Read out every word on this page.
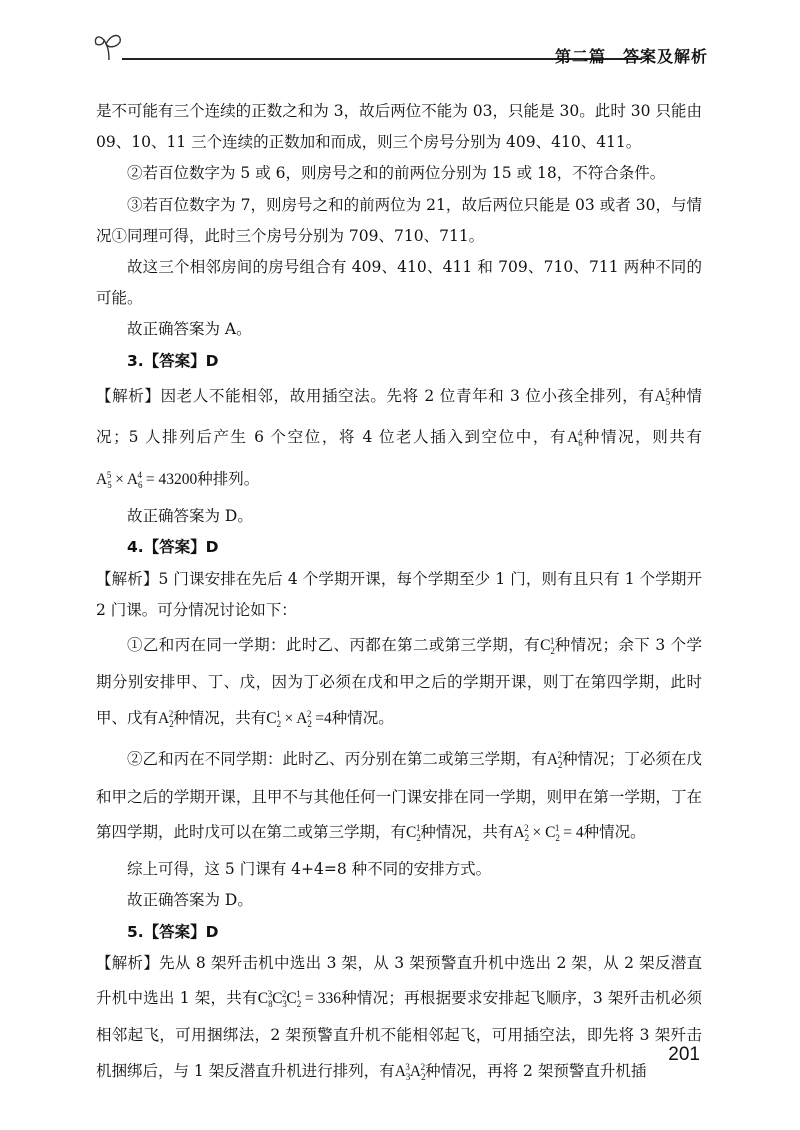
第二篇　答案及解析

是不可能有三个连续的正数之和为 3，故后两位不能为 03，只能是 30。此时 30 只能由 09、10、11 三个连续的正数加和而成，则三个房号分别为 409、410、411。

②若百位数字为 5 或 6，则房号之和的前两位分别为 15 或 18，不符合条件。

③若百位数字为 7，则房号之和的前两位为 21，故后两位只能是 03 或者 30，与情况①同理可得，此时三个房号分别为 709、710、711。

故这三个相邻房间的房号组合有 409、410、411 和 709、710、711 两种不同的可能。

故正确答案为 A。

3.【答案】D

【解析】因老人不能相邻，故用插空法。先将 2 位青年和 3 位小孩全排列，有$A_5^5$种情况；5 人排列后产生 6 个空位，将 4 位老人插入到空位中，有$A_6^4$种情况，则共有$A_5^5 \times A_6^4 = 43200$种排列。

故正确答案为 D。

4.【答案】D

【解析】5 门课安排在先后 4 个学期开课，每个学期至少 1 门，则有且只有 1 个学期开 2 门课。可分情况讨论如下：

①乙和丙在同一学期：此时乙、丙都在第二或第三学期，有$C_2^1$种情况；余下 3 个学期分别安排甲、丁、戊，因为丁必须在戊和甲之后的学期开课，则丁在第四学期，此时甲、戊有$A_2^2$种情况，共有$C_2^1 \times A_2^2 =4$种情况。

②乙和丙在不同学期：此时乙、丙分别在第二或第三学期，有$A_2^2$种情况；丁必须在戊和甲之后的学期开课，且甲不与其他任何一门课安排在同一学期，则甲在第一学期，丁在第四学期，此时戊可以在第二或第三学期，有$C_2^1$种情况，共有$A_2^2 \times C_2^1 = 4$种情况。

综上可得，这 5 门课有 4+4=8 种不同的安排方式。

故正确答案为 D。

5.【答案】D

【解析】先从 8 架歼击机中选出 3 架，从 3 架预警直升机中选出 2 架，从 2 架反潜直升机中选出 1 架，共有$C_8^3C_3^2C_2^1 = 336$种情况；再根据要求安排起飞顺序，3 架歼击机必须相邻起飞，可用捆绑法，2 架预警直升机不能相邻起飞，可用插空法，即先将 3 架歼击机捆绑后，与 1 架反潜直升机进行排列，有$A_3^3A_2^2$种情况，再将 2 架预警直升机插

201
